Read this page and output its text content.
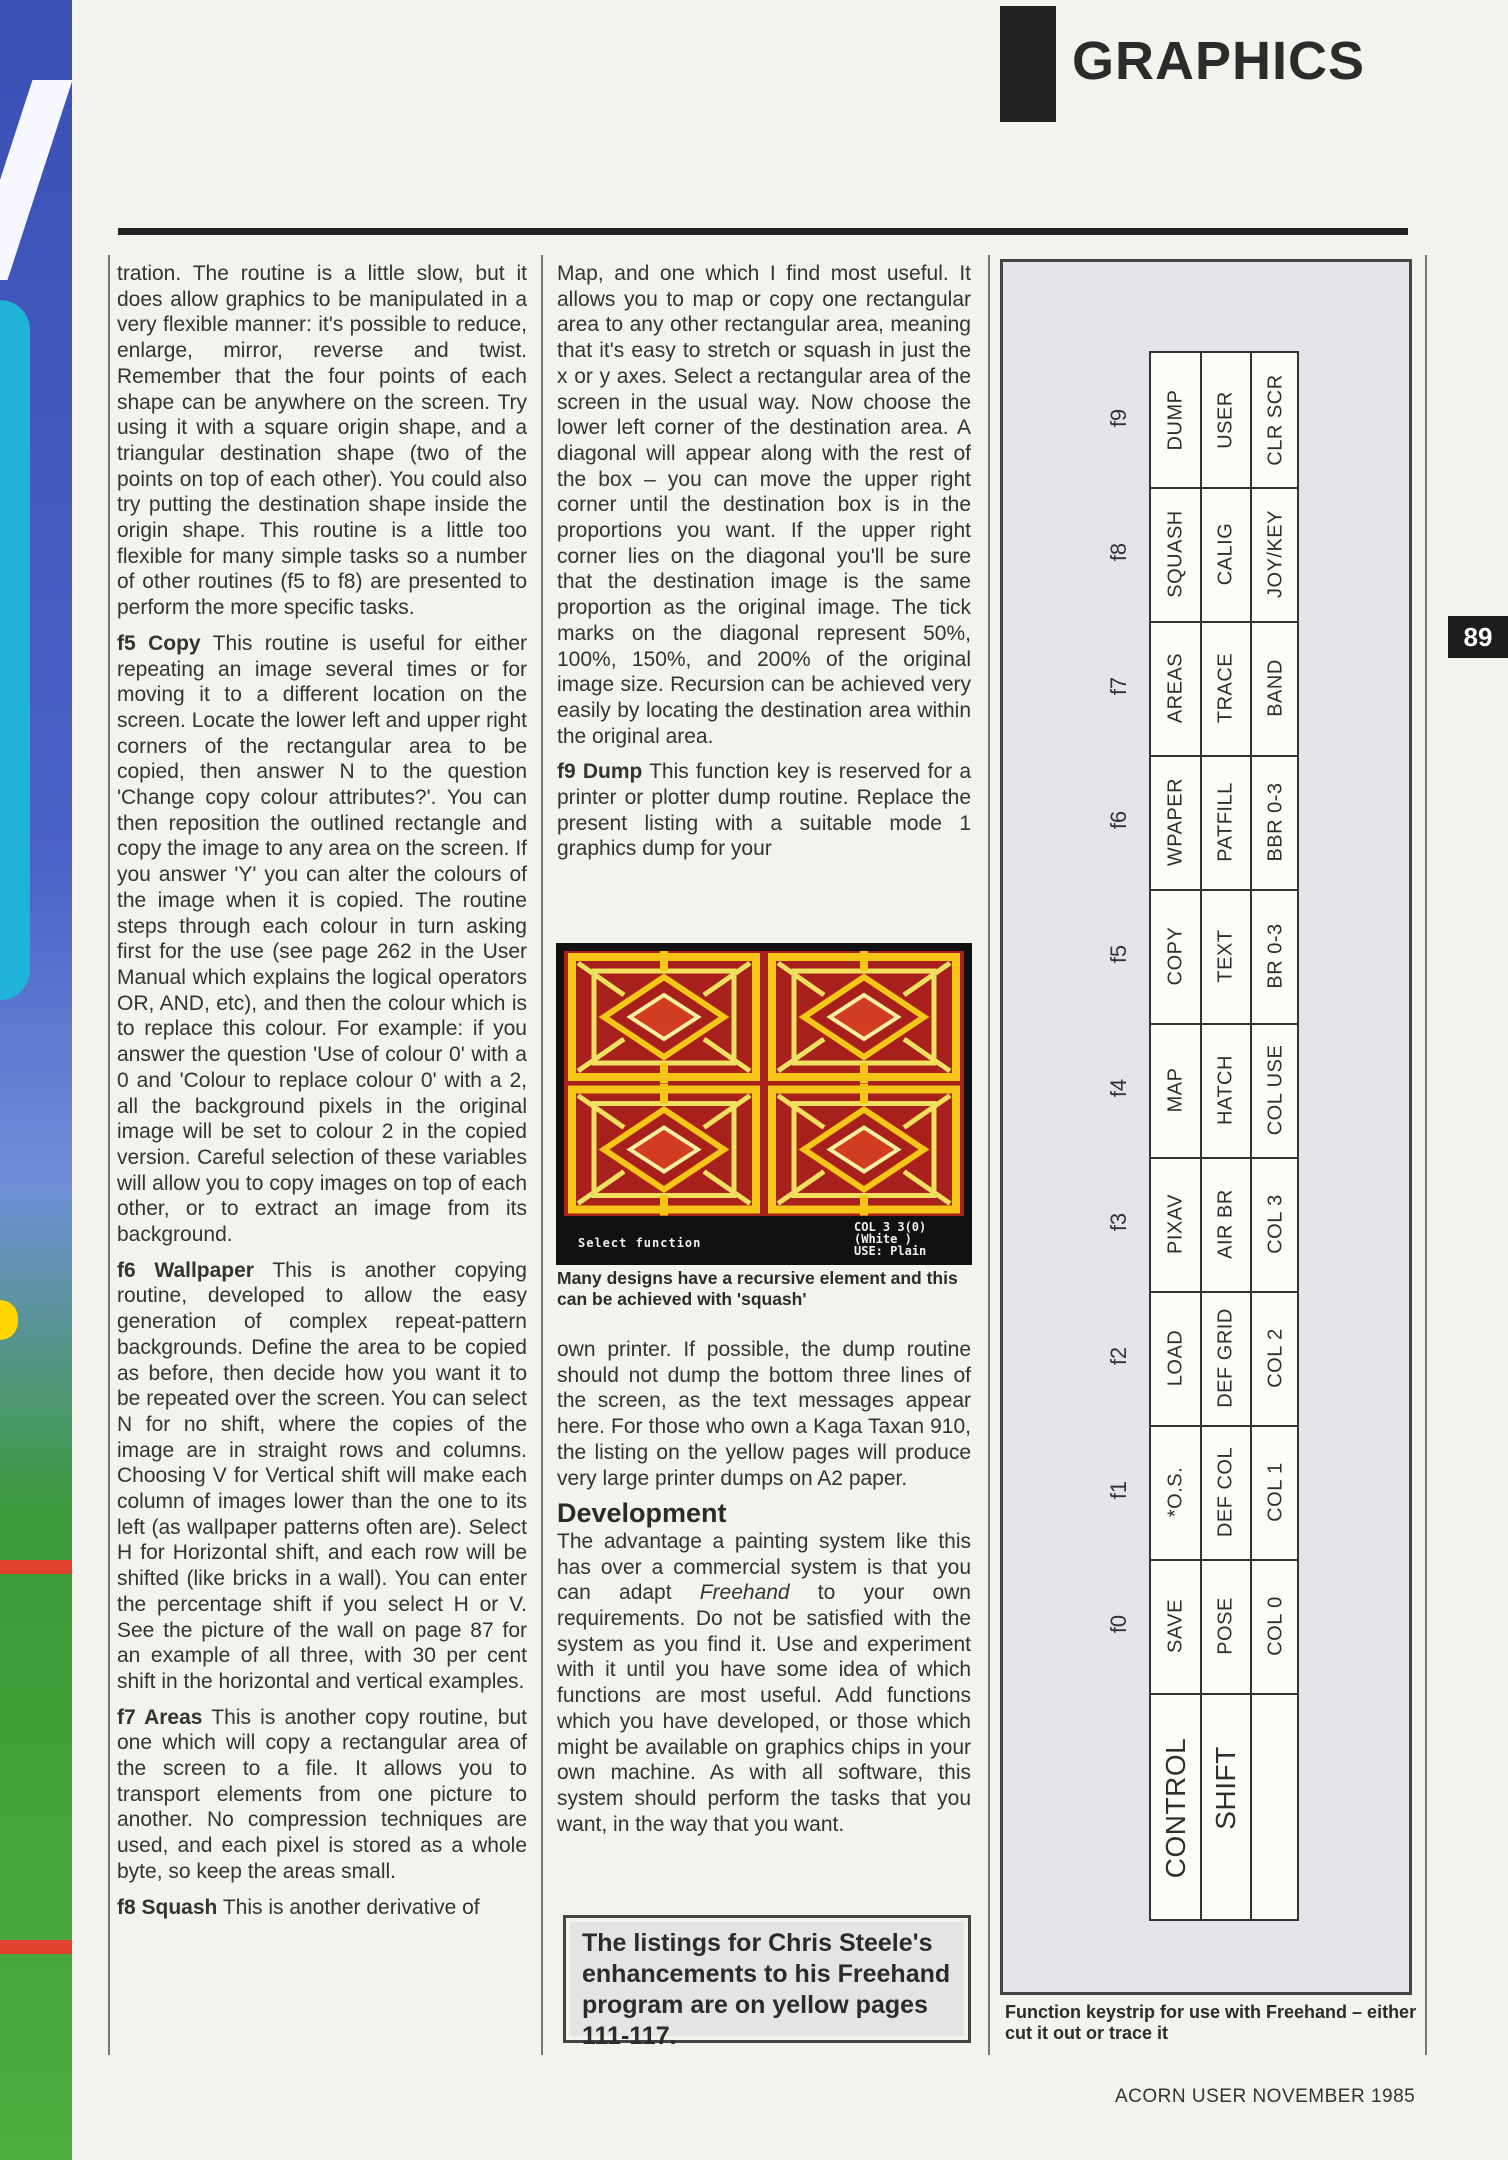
GRAPHICS
89

tration. The routine is a little slow, but it does allow graphics to be manipulated in a very flexible manner: it's possible to reduce, enlarge, mirror, reverse and twist. Remember that the four points of each shape can be anywhere on the screen. Try using it with a square origin shape, and a triangular destination shape (two of the points on top of each other). You could also try putting the destination shape inside the origin shape. This routine is a little too flexible for many simple tasks so a number of other routines (f5 to f8) are presented to perform the more specific tasks.

f5 Copy This routine is useful for either repeating an image several times or for moving it to a different location on the screen. Locate the lower left and upper right corners of the rectangular area to be copied, then answer N to the question 'Change copy colour attributes?'. You can then reposition the outlined rectangle and copy the image to any area on the screen. If you answer 'Y' you can alter the colours of the image when it is copied. The routine steps through each colour in turn asking first for the use (see page 262 in the User Manual which explains the logical operators OR, AND, etc), and then the colour which is to replace this colour. For example: if you answer the question 'Use of colour 0' with a 0 and 'Colour to replace colour 0' with a 2, all the background pixels in the original image will be set to colour 2 in the copied version. Careful selection of these variables will allow you to copy images on top of each other, or to extract an image from its background.

f6 Wallpaper This is another copying routine, developed to allow the easy generation of complex repeat-pattern backgrounds. Define the area to be copied as before, then decide how you want it to be repeated over the screen. You can select N for no shift, where the copies of the image are in straight rows and columns. Choosing V for Vertical shift will make each column of images lower than the one to its left (as wallpaper patterns often are). Select H for Horizontal shift, and each row will be shifted (like bricks in a wall). You can enter the percentage shift if you select H or V. See the picture of the wall on page 87 for an example of all three, with 30 per cent shift in the horizontal and vertical examples.

f7 Areas This is another copy routine, but one which will copy a rectangular area of the screen to a file. It allows you to transport elements from one picture to another. No compression techniques are used, and each pixel is stored as a whole byte, so keep the areas small.

f8 Squash This is another derivative of

Map, and one which I find most useful. It allows you to map or copy one rectangular area to any other rectangular area, meaning that it's easy to stretch or squash in just the x or y axes. Select a rectangular area of the screen in the usual way. Now choose the lower left corner of the destination area. A diagonal will appear along with the rest of the box – you can move the upper right corner until the destination box is in the proportions you want. If the upper right corner lies on the diagonal you'll be sure that the destination image is the same proportion as the original image. The tick marks on the diagonal represent 50%, 100%, 150%, and 200% of the original image size. Recursion can be achieved very easily by locating the destination area within the original area.

f9 Dump This function key is reserved for a printer or plotter dump routine. Replace the present listing with a suitable mode 1 graphics dump for your

Select function
COL 3 3(0)
(White )
USE: Plain
Many designs have a recursive element and this can be achieved with 'squash'

own printer. If possible, the dump routine should not dump the bottom three lines of the screen, as the text messages appear here. For those who own a Kaga Taxan 910, the listing on the yellow pages will produce very large printer dumps on A2 paper.

Development

The advantage a painting system like this has over a commercial system is that you can adapt Freehand to your own requirements. Do not be satisfied with the system as you find it. Use and experiment with it until you have some idea of which functions are most useful. Add functions which you have developed, or those which might be available on graphics chips in your own machine. As with all software, this system should perform the tasks that you want, in the way that you want.

The listings for Chris Steele's enhancements to his Freehand program are on yellow pages 111-117.
SAVE
*O.S.
LOAD
PIXAV
MAP
COPY
WPAPER
AREAS
SQUASH
DUMP
POSE
DEF COL
DEF GRID
AIR BR
HATCH
TEXT
PATFILL
TRACE
CALIG
USER
COL 0
COL 1
COL 2
COL 3
COL USE
BR 0-3
BBR 0-3
BAND
JOY/KEY
CLR SCR
CONTROL SHIFT
f0
f1
f2
f3
f4
f5
f6
f7
f8
f9
Function keystrip for use with Freehand – either cut it out or trace it
ACORN USER NOVEMBER 1985
